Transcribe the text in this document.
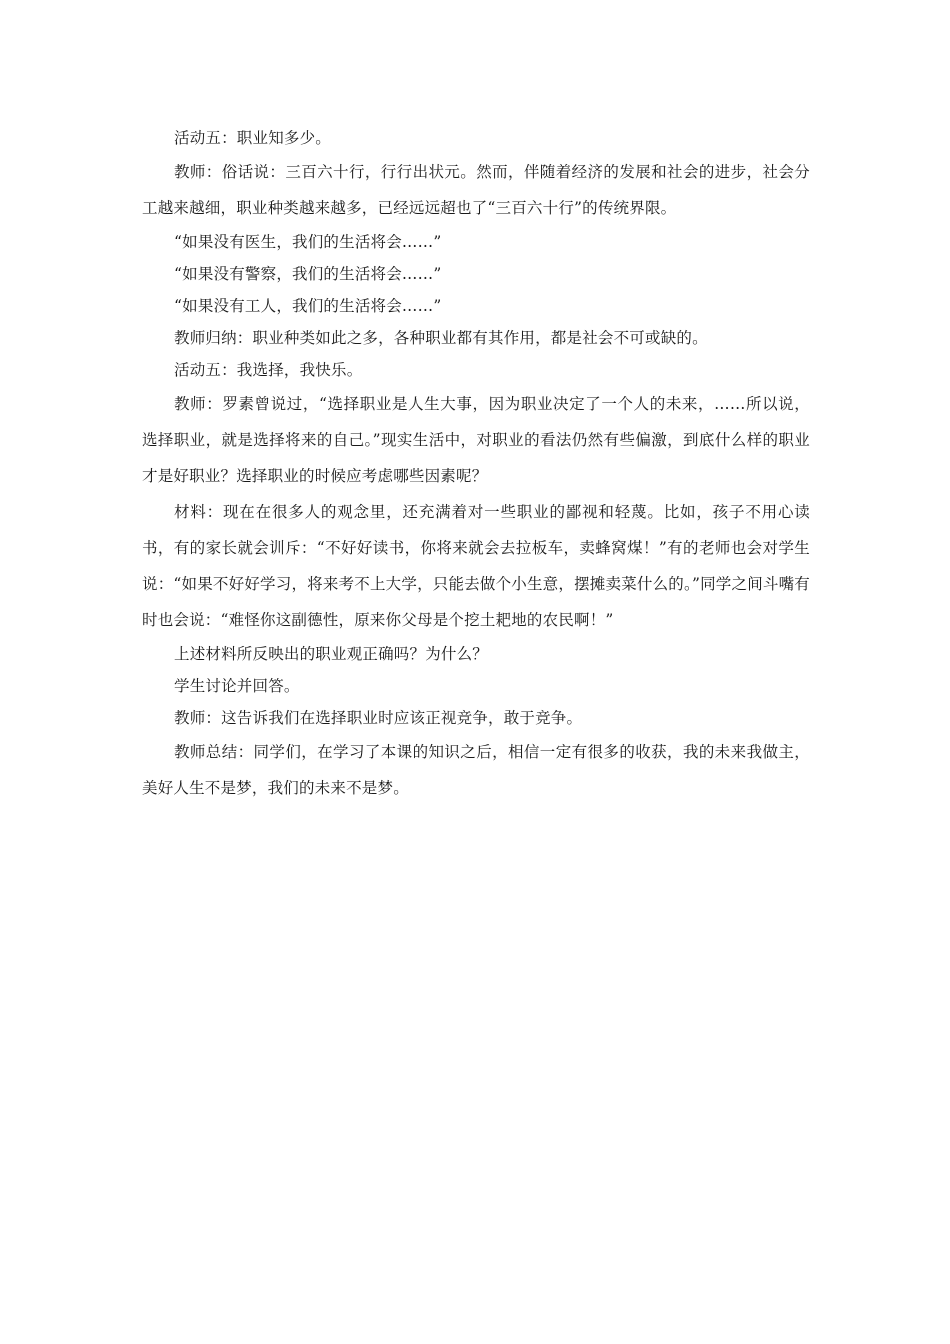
活动五：职业知多少。

教师：俗话说：三百六十行，行行出状元。然而，伴随着经济的发展和社会的进步，社会分工越来越细，职业种类越来越多，已经远远超也了“三百六十行”的传统界限。

“如果没有医生，我们的生活将会……”

“如果没有警察，我们的生活将会……”

“如果没有工人，我们的生活将会……”

教师归纳：职业种类如此之多，各种职业都有其作用，都是社会不可或缺的。

活动五：我选择，我快乐。

教师：罗素曾说过，“选择职业是人生大事，因为职业决定了一个人的未来，……所以说，选择职业，就是选择将来的自己。”现实生活中，对职业的看法仍然有些偏激，到底什么样的职业才是好职业？选择职业的时候应考虑哪些因素呢？

材料：现在在很多人的观念里，还充满着对一些职业的鄙视和轻蔑。比如，孩子不用心读书，有的家长就会训斥：“不好好读书，你将来就会去拉板车，卖蜂窝煤！”有的老师也会对学生说：“如果不好好学习，将来考不上大学，只能去做个小生意，摆摊卖菜什么的。”同学之间斗嘴有时也会说：“难怪你这副德性，原来你父母是个挖土耙地的农民啊！”

上述材料所反映出的职业观正确吗？为什么？

学生讨论并回答。

教师：这告诉我们在选择职业时应该正视竞争，敢于竞争。

教师总结：同学们，在学习了本课的知识之后，相信一定有很多的收获，我的未来我做主，美好人生不是梦，我们的未来不是梦。
